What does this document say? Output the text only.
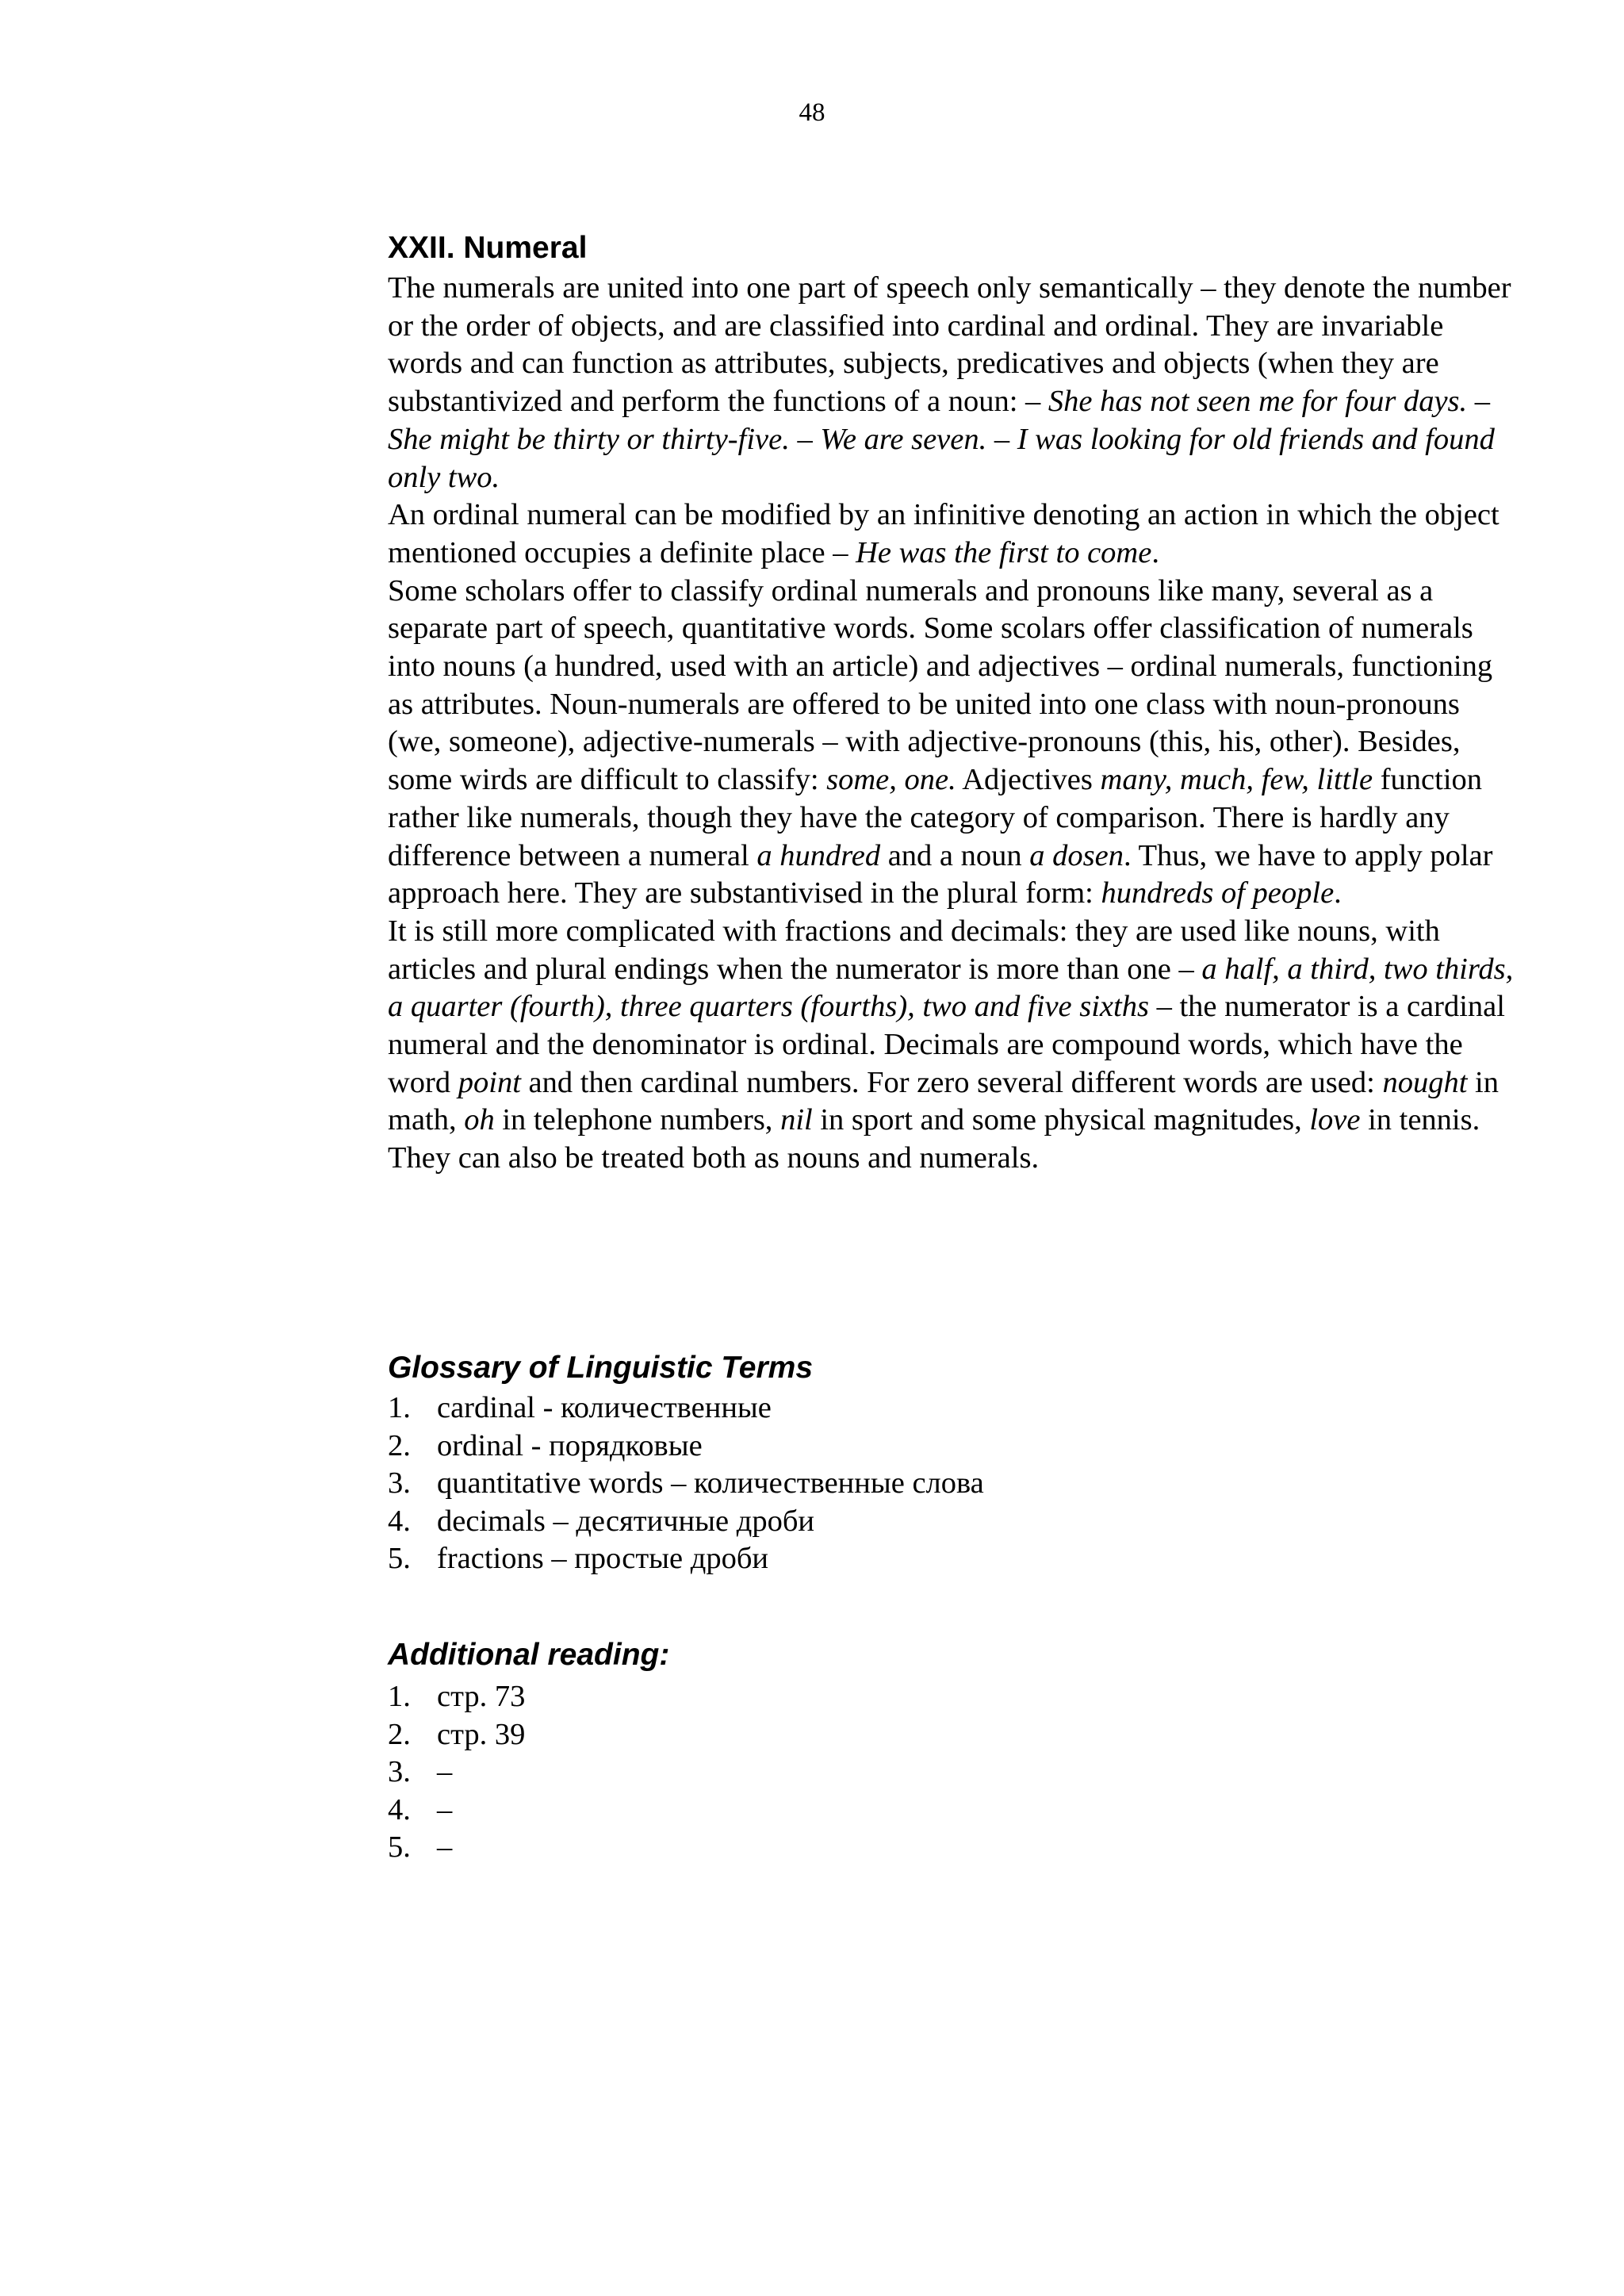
48
XXII. Numeral

The numerals are united into one part of speech only semantically – they denote the number or the order of objects, and are classified into cardinal and ordinal. They are invariable words and can function as attributes, subjects, predicatives and objects (when they are substantivized and perform the functions of a noun: – She has not seen me for four days. – She might be thirty or thirty-five. – We are seven. – I was looking for old friends and found only two.

An ordinal numeral can be modified by an infinitive denoting an action in which the object mentioned occupies a definite place – He was the first to come.

Some scholars offer to classify ordinal numerals and pronouns like many, several as a separate part of speech, quantitative words. Some scolars offer classification of numerals into nouns (a hundred, used with an article) and adjectives – ordinal numerals, functioning as attributes. Noun-numerals are offered to be united into one class with noun-pronouns (we, someone), adjective-numerals – with adjective-pronouns (this, his, other). Besides, some wirds are difficult to classify: some, one. Adjectives many, much, few, little function rather like numerals, though they have the category of comparison. There is hardly any difference between a numeral a hundred and a noun a dosen. Thus, we have to apply polar approach here. They are substantivised in the plural form: hundreds of people.

It is still more complicated with fractions and decimals: they are used like nouns, with articles and plural endings when the numerator is more than one – a half, a third, two thirds, a quarter (fourth), three quarters (fourths), two and five sixths – the numerator is a cardinal numeral and the denominator is ordinal. Decimals are compound words, which have the word point and then cardinal numbers. For zero several different words are used: nought in math, oh in telephone numbers, nil in sport and some physical magnitudes, love in tennis. They can also be treated both as nouns and numerals.

Glossary of Linguistic Terms
1. cardinal - количественные
2. ordinal - порядковые
3. quantitative words – количественные слова
4. decimals – десятичные дроби
5. fractions – простые дроби
Additional reading:
1. стр. 73
2. стр. 39
3. –
4. –
5. –
